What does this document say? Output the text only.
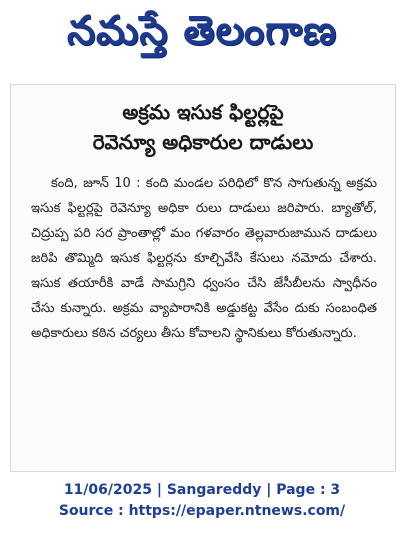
నమస్తే తెలంగాణ
అక్రమ ఇసుక ఫిల్టర్లపై
రెవెన్యూ అధికారుల దాడులు
కంది, జూన్ 10 : కంది మండల పరిధిలో కొన సాగుతున్న అక్రమ ఇసుక ఫిల్టర్లపై రెవెన్యూ అధికా రులు దాడులు జరిపారు. బ్యాతోల్, చిద్రుప్ప పరి సర ప్రాంతాల్లో మం గళవారం తెల్లవారుజామున దాడులు జరిపి తొమ్మిది ఇసుక ఫిల్టర్లను కూల్చివేసి కేసులు నమోదు చేశారు. ఇసుక తయారీకి వాడే సామగ్రిని ధ్వంసం చేసి జేసీబీలను స్వాధీనం చేసు కున్నారు. అక్రమ వ్యాపారానికి అడ్డుకట్ట వేసేం దుకు సంబంధిత అధికారులు కఠిన చర్యలు తీసు కోవాలని స్థానికులు కోరుతున్నారు.
11/06/2025 | Sangareddy | Page : 3
Source : https://epaper.ntnews.com/
